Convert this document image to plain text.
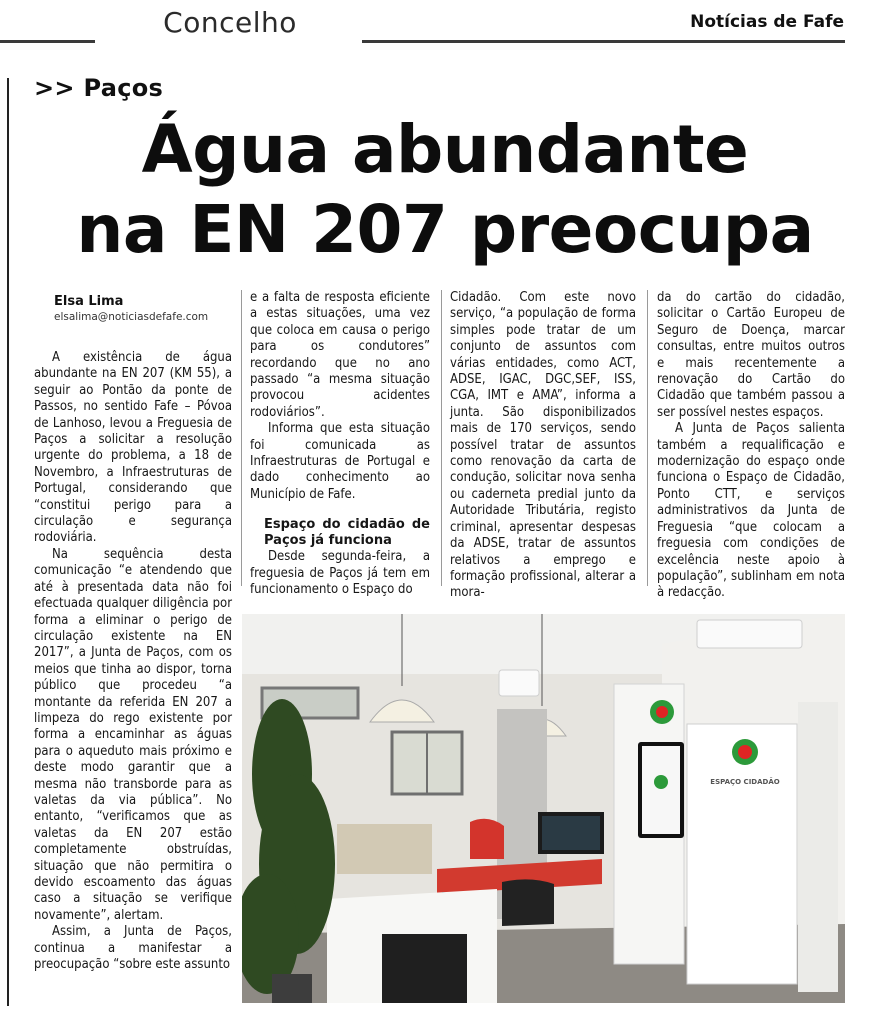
Concelho	Notícias de Fafe
>> Paços
Água abundante
na EN 207 preocupa
Elsa Lima
elsalima@noticiasdefafe.com

A existência de água abundante na EN 207 (KM 55), a seguir ao Pontão da ponte de Passos, no sentido Fafe – Póvoa de Lanhoso, levou a Freguesia de Paços a solicitar a resolução urgente do problema, a 18 de Novembro, a Infraestruturas de Portugal, considerando que “constitui perigo para a circulação e segurança rodoviária.

Na sequência desta comunicação “e atendendo que até à presentada data não foi efectuada qualquer diligência por forma a eliminar o perigo de circulação existente na EN 2017”, a Junta de Paços, com os meios que tinha ao dispor, torna público que procedeu “a montante da referida EN 207 a limpeza do rego existente por forma a encaminhar as águas para o aqueduto mais próximo e deste modo garantir que a mesma não transborde para as valetas da via pública”. No entanto, “verificamos que as valetas da EN 207 estão completamente obstruídas, situação que não permitira o devido escoamento das águas caso a situação se verifique novamente”, alertam.

Assim, a Junta de Paços, continua a manifestar a preocupação “sobre este assunto

e a falta de resposta eficiente a estas situações, uma vez que coloca em causa o perigo para os condutores” recordando que no ano passado “a mesma situação provocou acidentes rodoviários”.

Informa que esta situação foi comunicada as Infraestruturas de Portugal e dado conhecimento ao Município de Fafe.

Espaço do cidadão de Paços já funciona

Desde segunda-feira, a freguesia de Paços já tem em funcionamento o Espaço do

Cidadão. Com este novo serviço, “a população de forma simples pode tratar de um conjunto de assuntos com várias entidades, como ACT, ADSE, IGAC, DGC,SEF, ISS, CGA, IMT e AMA”, informa a junta. São disponibilizados mais de 170 serviços, sendo possível tratar de assuntos como renovação da carta de condução, solicitar nova senha ou caderneta predial junto da Autoridade Tributária, registo criminal, apresentar despesas da ADSE, tratar de assuntos relativos a emprego e formação profissional, alterar a mora-

da do cartão do cidadão, solicitar o Cartão Europeu de Seguro de Doença, marcar consultas, entre muitos outros e mais recentemente a renovação do Cartão do Cidadão que também passou a ser possível nestes espaços.

A Junta de Paços salienta também a requalificação e modernização do espaço onde funciona o Espaço de Cidadão, Ponto CTT, e serviços administrativos da Junta de Freguesia “que colocam a freguesia com condições de excelência neste apoio à população”, sublinham em nota à redacção.

ESPAÇO CIDADÃO
